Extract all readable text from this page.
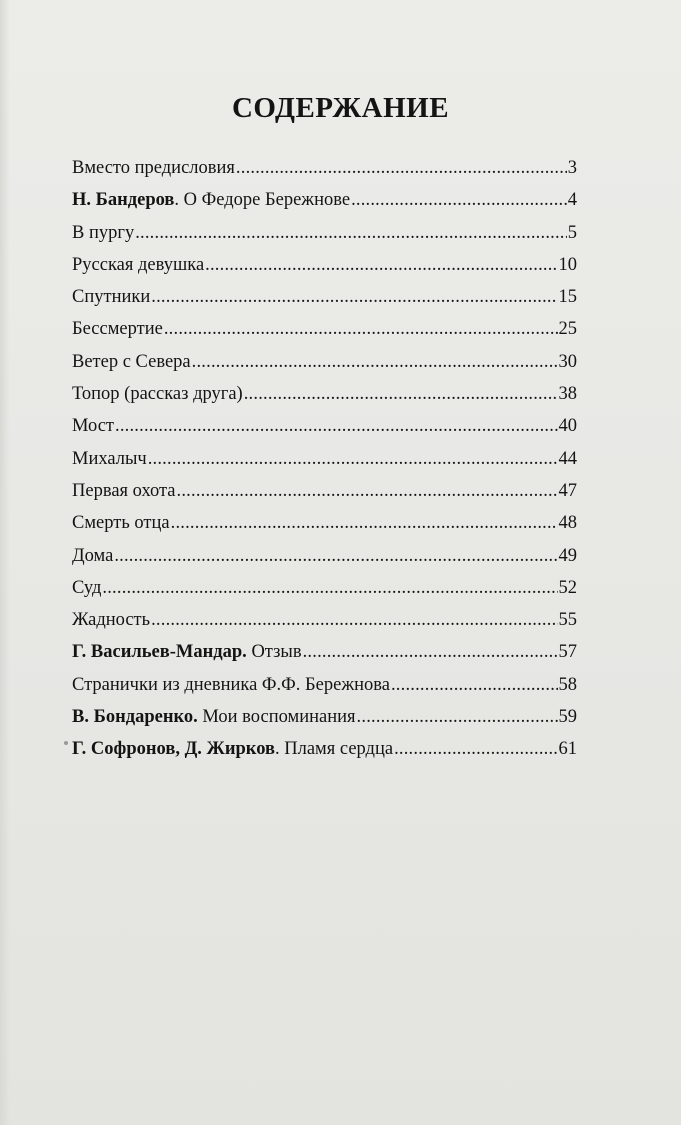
СОДЕРЖАНИЕ
Вместо предисловия .....	3
Н. Бандеров. О Федоре Бережнове .....	4
В пургу .....	5
Русская девушка .....	10
Спутники .....	15
Бессмертие .....	25
Ветер с Севера .....	30
Топор (рассказ друга) .....	38
Мост .....	40
Михалыч .....	44
Первая охота .....	47
Смерть отца .....	48
Дома .....	49
Суд .....	52
Жадность .....	55
Г. Васильев-Мандар. Отзыв .....	57
Странички из дневника Ф.Ф. Бережнова .....	58
В. Бондаренко. Мои воспоминания .....	59
Г. Софронов, Д. Жирков. Пламя сердца .....	61
